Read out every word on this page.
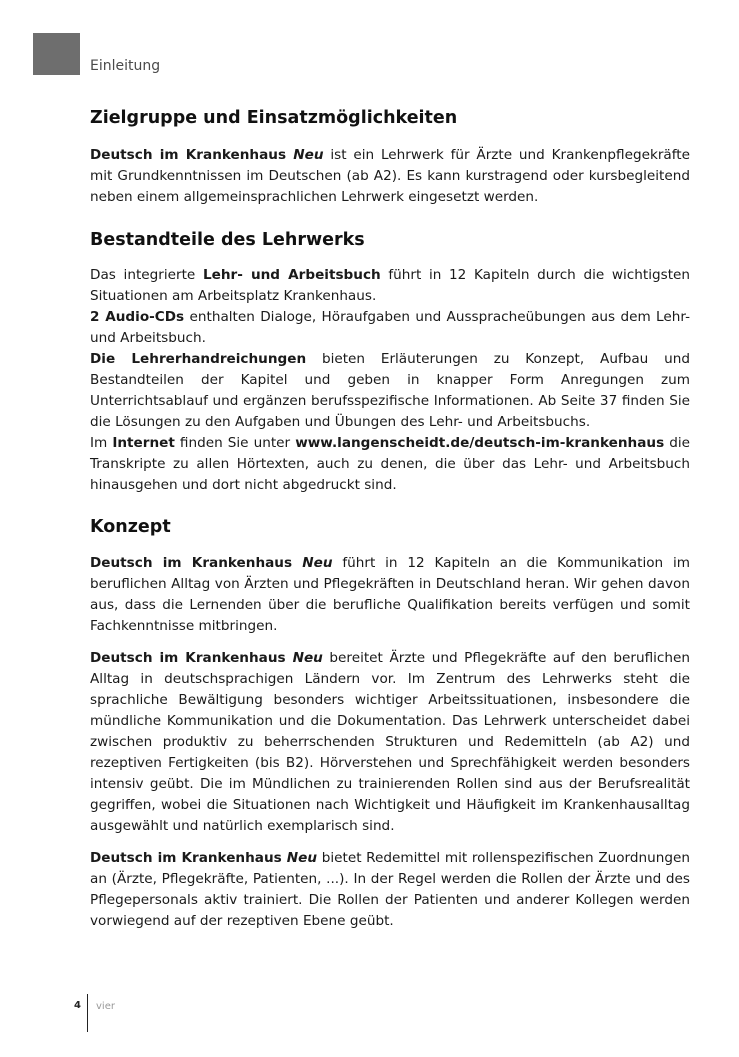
Einleitung
Zielgruppe und Einsatzmöglichkeiten

Deutsch im Krankenhaus Neu ist ein Lehrwerk für Ärzte und Krankenpflegekräfte mit Grundkenntnissen im Deutschen (ab A2). Es kann kurstragend oder kursbegleitend neben einem allgemeinsprachlichen Lehrwerk eingesetzt werden.

Bestandteile des Lehrwerks

Das integrierte Lehr- und Arbeitsbuch führt in 12 Kapiteln durch die wichtigsten Situationen am Arbeitsplatz Krankenhaus.

2 Audio-CDs enthalten Dialoge, Höraufgaben und Ausspracheübungen aus dem Lehr- und Arbeitsbuch.

Die Lehrerhandreichungen bieten Erläuterungen zu Konzept, Aufbau und Bestandteilen der Kapitel und geben in knapper Form Anregungen zum Unterrichtsablauf und ergänzen berufsspezifische Informationen. Ab Seite 37 finden Sie die Lösungen zu den Aufgaben und Übungen des Lehr- und Arbeitsbuchs.

Im Internet finden Sie unter www.langenscheidt.de/deutsch-im-krankenhaus die Transkripte zu allen Hörtexten, auch zu denen, die über das Lehr- und Arbeitsbuch hinausgehen und dort nicht abgedruckt sind.

Konzept

Deutsch im Krankenhaus Neu führt in 12 Kapiteln an die Kommunikation im beruflichen Alltag von Ärzten und Pflegekräften in Deutschland heran. Wir gehen davon aus, dass die Lernenden über die berufliche Qualifikation bereits verfügen und somit Fachkenntnisse mitbringen.

Deutsch im Krankenhaus Neu bereitet Ärzte und Pflegekräfte auf den beruflichen Alltag in deutschsprachigen Ländern vor. Im Zentrum des Lehrwerks steht die sprachliche Bewältigung besonders wichtiger Arbeitssituationen, insbesondere die mündliche Kommunikation und die Dokumentation. Das Lehrwerk unterscheidet dabei zwischen produktiv zu beherrschenden Strukturen und Redemitteln (ab A2) und rezeptiven Fertigkeiten (bis B2). Hörverstehen und Sprechfähigkeit werden besonders intensiv geübt. Die im Mündlichen zu trainierenden Rollen sind aus der Berufsrealität gegriffen, wobei die Situationen nach Wichtigkeit und Häufigkeit im Krankenhausalltag ausgewählt und natürlich exemplarisch sind.

Deutsch im Krankenhaus Neu bietet Redemittel mit rollenspezifischen Zuordnungen an (Ärzte, Pflegekräfte, Patienten, ...). In der Regel werden die Rollen der Ärzte und des Pflegepersonals aktiv trainiert. Die Rollen der Patienten und anderer Kollegen werden vorwiegend auf der rezeptiven Ebene geübt.

4 vier
